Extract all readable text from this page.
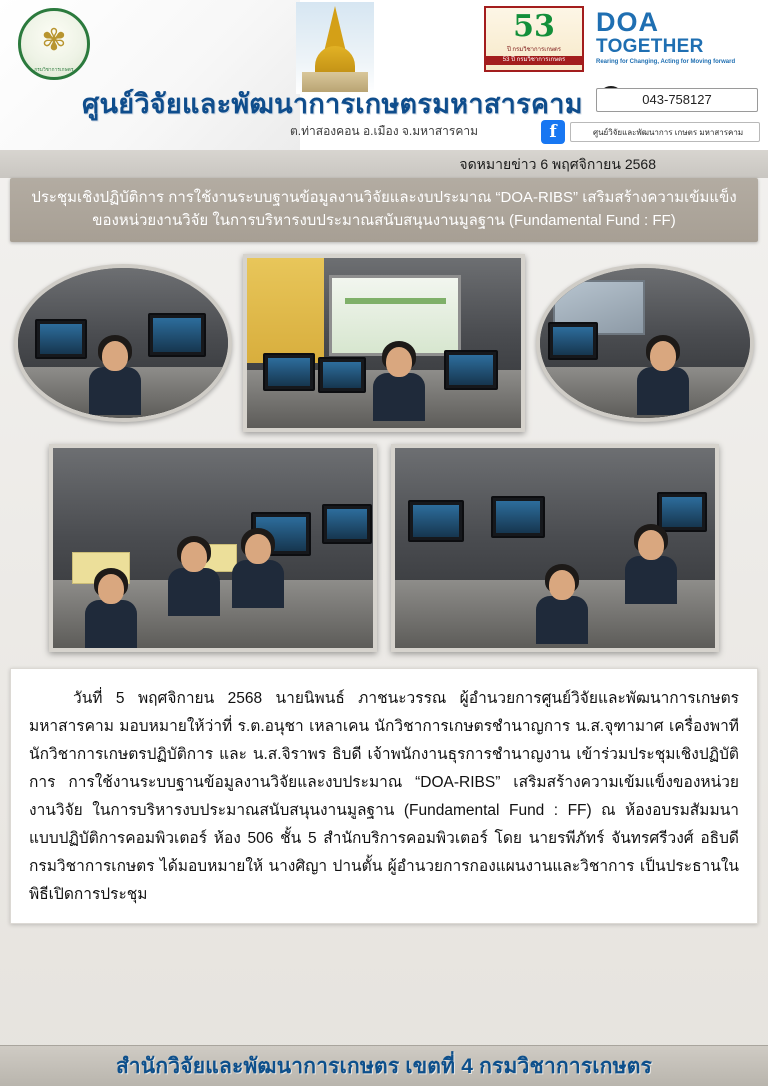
✾
กรมวิชาการเกษตร
53
ปี กรมวิชาการเกษตร
53 ปี กรมวิชาการเกษตร
DOA
TOGETHER
Rearing for Changing, Acting for Moving forward
ศูนย์วิจัยและพัฒนาการเกษตรมหาสารคาม
ต.ท่าสองคอน อ.เมือง จ.มหาสารคาม
043-758127
f	ศูนย์วิจัยและพัฒนาการ เกษตร มหาสารคาม
จดหมายข่าว 6 พฤศจิกายน 2568
ประชุมเชิงปฏิบัติการ การใช้งานระบบฐานข้อมูลงานวิจัยและงบประมาณ “DOA-RIBS” เสริมสร้างความเข้มแข็ง
ของหน่วยงานวิจัย ในการบริหารงบประมาณสนับสนุนงานมูลฐาน (Fundamental Fund : FF)

วันที่ 5 พฤศจิกายน 2568 นายนิพนธ์ ภาชนะวรรณ ผู้อำนวยการศูนย์วิจัยและพัฒนาการเกษตรมหาสารคาม มอบหมายให้ว่าที่ ร.ต.อนุชา เหลาเคน นักวิชาการเกษตรชำนาญการ น.ส.จุฑามาศ เครื่องพาที นักวิชาการเกษตรปฏิบัติการ และ น.ส.จิราพร ธิบดี เจ้าพนักงานธุรการชำนาญงาน เข้าร่วมประชุมเชิงปฏิบัติการ การใช้งานระบบฐานข้อมูลงานวิจัยและงบประมาณ “DOA-RIBS” เสริมสร้างความเข้มแข็งของหน่วยงานวิจัย ในการบริหารงบประมาณสนับสนุนงานมูลฐาน (Fundamental Fund : FF) ณ ห้องอบรมสัมมนาแบบปฏิบัติการคอมพิวเตอร์ ห้อง 506 ชั้น 5 สำนักบริการคอมพิวเตอร์ โดย นายรพีภัทร์ จันทรศรีวงศ์ อธิบดีกรมวิชาการเกษตร ได้มอบหมายให้ นางศิญา ปานตั้น ผู้อำนวยการกองแผนงานและวิชาการ เป็นประธานในพิธีเปิดการประชุม

สำนักวิจัยและพัฒนาการเกษตร เขตที่ 4 กรมวิชาการเกษตร
